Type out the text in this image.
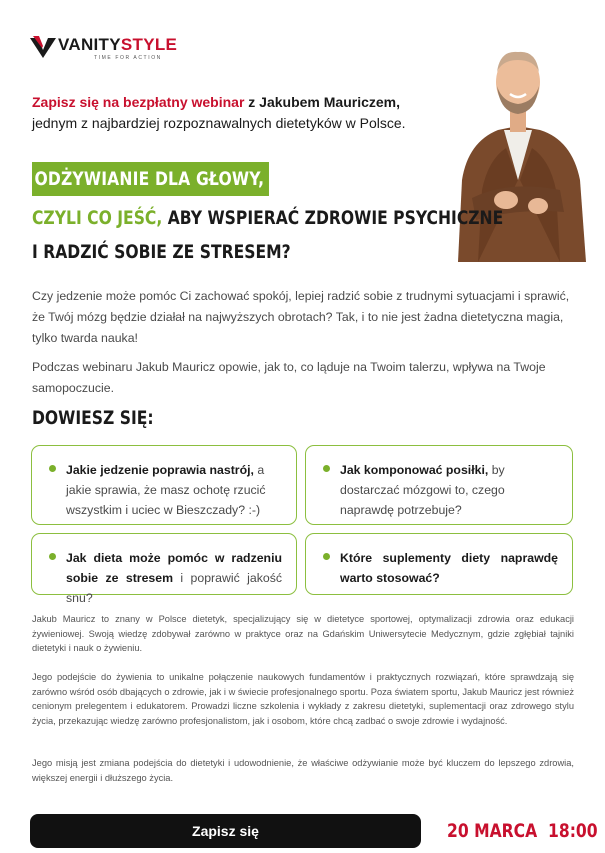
VANITYSTYLE
TIME FOR ACTION
Zapisz się na bezpłatny webinar z Jakubem Mauriczem,
jednym z najbardziej rozpoznawalnych dietetyków w Polsce.
ODŻYWIANIE DLA GŁOWY,
CZYLI CO JEŚĆ, ABY WSPIERAĆ ZDROWIE PSYCHICZNE
I RADZIĆ SOBIE ZE STRESEM?
Czy jedzenie może pomóc Ci zachować spokój, lepiej radzić sobie z trudnymi sytuacjami i sprawić, że Twój mózg będzie działał na najwyższych obrotach? Tak, i to nie jest żadna dietetyczna magia, tylko twarda nauka!
Podczas webinaru Jakub Mauricz opowie, jak to, co ląduje na Twoim talerzu, wpływa na Twoje samopoczucie.
DOWIESZ SIĘ:
Jakie jedzenie poprawia nastrój, a jakie sprawia, że masz ochotę rzucić wszystkim i uciec w Bieszczady? :-)
Jak komponować posiłki, by dostarczać mózgowi to, czego naprawdę potrzebuje?
Jak dieta może pomóc w radzeniu sobie ze stresem i poprawić jakość snu?
Które suplementy diety naprawdę warto stosować?
Jakub Mauricz to znany w Polsce dietetyk, specjalizujący się w dietetyce sportowej, optymalizacji zdrowia oraz edukacji żywieniowej. Swoją wiedzę zdobywał zarówno w praktyce oraz na Gdańskim Uniwersytecie Medycznym, gdzie zgłębiał tajniki dietetyki i nauk o żywieniu.
Jego podejście do żywienia to unikalne połączenie naukowych fundamentów i praktycznych rozwiązań, które sprawdzają się zarówno wśród osób dbających o zdrowie, jak i w świecie profesjonalnego sportu. Poza światem sportu, Jakub Mauricz jest również cenionym prelegentem i edukatorem. Prowadzi liczne szkolenia i wykłady z zakresu dietetyki, suplementacji oraz zdrowego stylu życia, przekazując wiedzę zarówno profesjonalistom, jak i osobom, które chcą zadbać o swoje zdrowie i wydajność.
Jego misją jest zmiana podejścia do dietetyki i udowodnienie, że właściwe odżywianie może być kluczem do lepszego zdrowia, większej energii i dłuższego życia.
Zapisz się	20 MARCA 18:00
